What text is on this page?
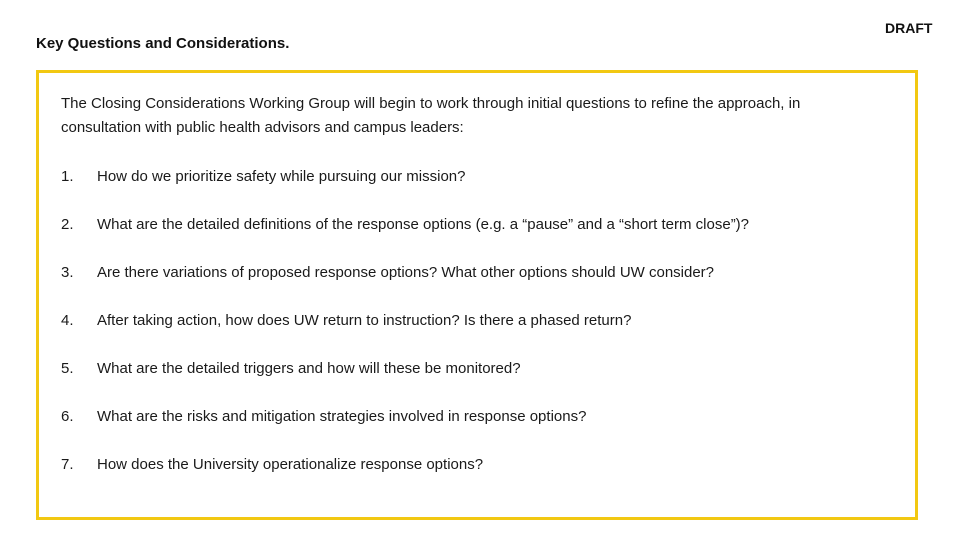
Key Questions and Considerations.
DRAFT
The Closing Considerations Working Group will begin to work through initial questions to refine the approach, in consultation with public health advisors and campus leaders:
1. How do we prioritize safety while pursuing our mission?
2. What are the detailed definitions of the response options (e.g. a “pause” and a “short term close”)?
3. Are there variations of proposed response options? What other options should UW consider?
4. After taking action, how does UW return to instruction? Is there a phased return?
5. What are the detailed triggers and how will these be monitored?
6. What are the risks and mitigation strategies involved in response options?
7. How does the University operationalize response options?
